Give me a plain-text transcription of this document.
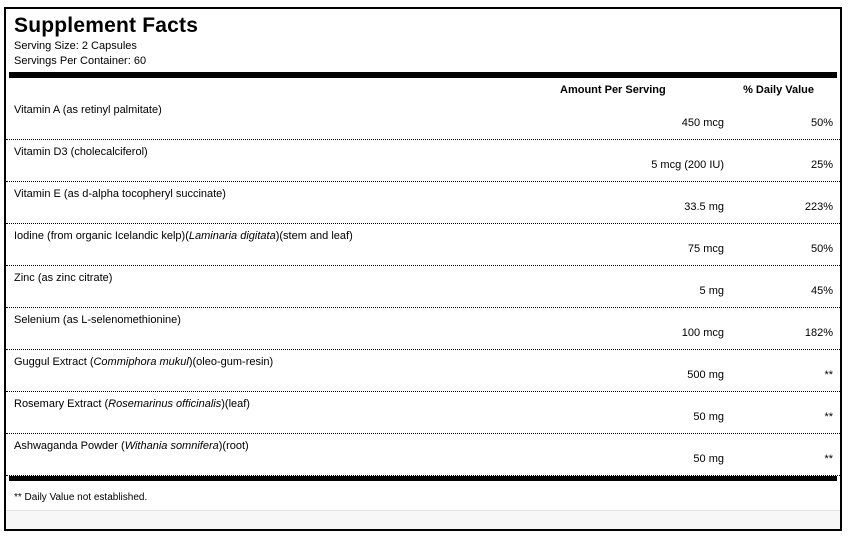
Supplement Facts
Serving Size: 2 Capsules
Servings Per Container: 60
Amount Per Serving	% Daily Value
Vitamin A (as retinyl palmitate)
450 mcg	50%
Vitamin D3 (cholecalciferol)
5 mcg (200 IU)	25%
Vitamin E (as d-alpha tocopheryl succinate)
33.5 mg	223%
Iodine (from organic Icelandic kelp)(Laminaria digitata)(stem and leaf)
75 mcg	50%
Zinc (as zinc citrate)
5 mg	45%
Selenium (as L-selenomethionine)
100 mcg	182%
Guggul Extract (Commiphora mukul)(oleo-gum-resin)
500 mg	**
Rosemary Extract (Rosemarinus officinalis)(leaf)
50 mg	**
Ashwaganda Powder (Withania somnifera)(root)
50 mg	**
** Daily Value not established.
